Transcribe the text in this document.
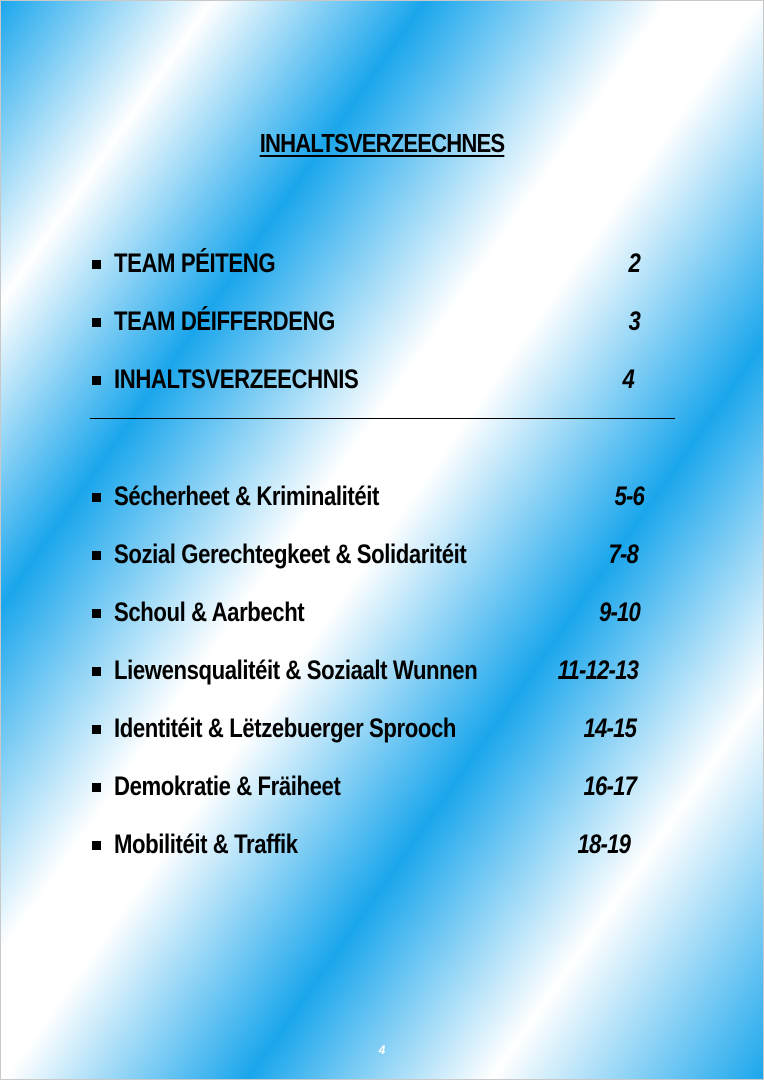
INHALTSVERZEECHNES
TEAM PÉITENG	2
TEAM DÉIFFERDENG	3
INHALTSVERZEECHNIS	4
Sécherheet & Kriminalitéit	5-6
Sozial Gerechtegkeet & Solidaritéit	7-8
Schoul & Aarbecht	9-10
Liewensqualitéit & Soziaalt Wunnen	11-12-13
Identitéit & Lëtzebuerger Sprooch	14-15
Demokratie & Fräiheet	16-17
Mobilitéit & Traffik	18-19
4
